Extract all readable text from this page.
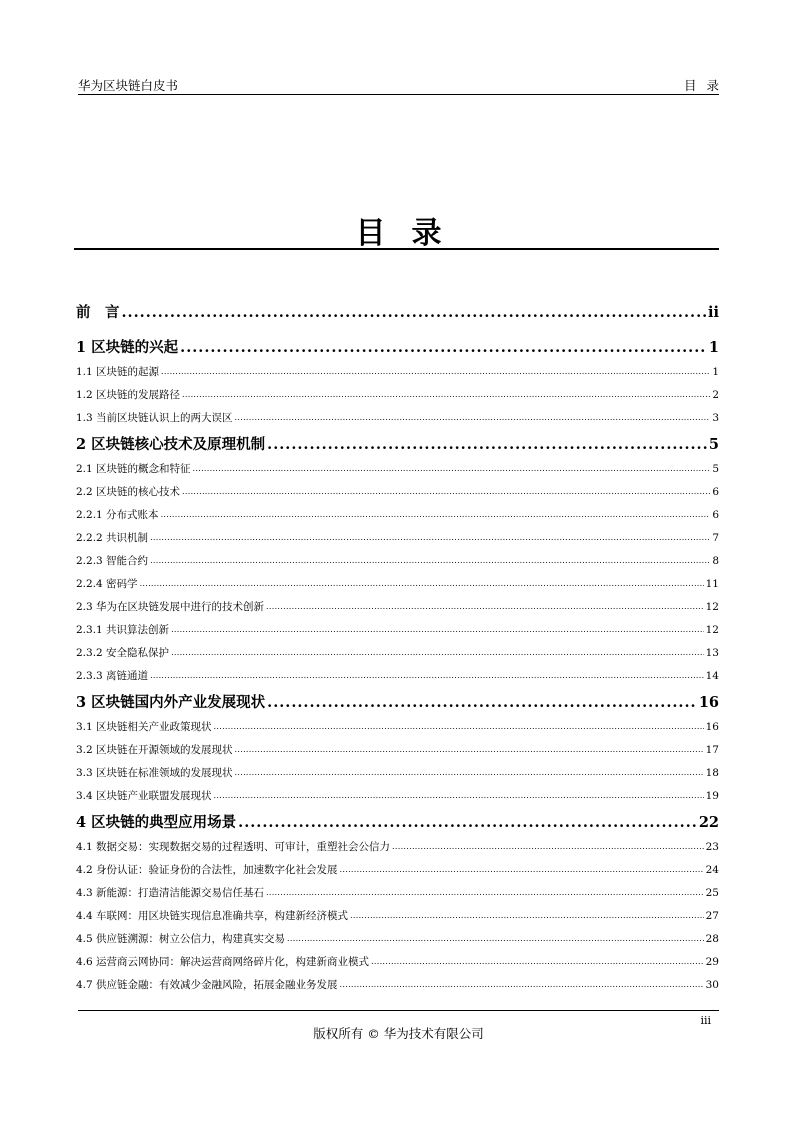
华为区块链白皮书	目录
目录
前　言 .....	ii
1 区块链的兴起 .....	1
1.1 区块链的起源 .....	1
1.2 区块链的发展路径 .....	2
1.3 当前区块链认识上的两大误区 .....	3
2 区块链核心技术及原理机制 .....	5
2.1 区块链的概念和特征 .....	5
2.2 区块链的核心技术 .....	6
2.2.1 分布式账本 .....	6
2.2.2 共识机制 .....	7
2.2.3 智能合约 .....	8
2.2.4 密码学 .....	11
2.3 华为在区块链发展中进行的技术创新 .....	12
2.3.1 共识算法创新 .....	12
2.3.2 安全隐私保护 .....	13
2.3.3 离链通道 .....	14
3 区块链国内外产业发展现状 .....	16
3.1 区块链相关产业政策现状 .....	16
3.2 区块链在开源领域的发展现状 .....	17
3.3 区块链在标准领域的发展现状 .....	18
3.4 区块链产业联盟发展现状 .....	19
4 区块链的典型应用场景 .....	22
4.1 数据交易：实现数据交易的过程透明、可审计，重塑社会公信力 .....	23
4.2 身份认证：验证身份的合法性，加速数字化社会发展 .....	24
4.3 新能源：打造清洁能源交易信任基石 .....	25
4.4 车联网：用区块链实现信息准确共享，构建新经济模式 .....	27
4.5 供应链溯源：树立公信力，构建真实交易 .....	28
4.6 运营商云网协同：解决运营商网络碎片化，构建新商业模式 .....	29
4.7 供应链金融：有效减少金融风险，拓展金融业务发展 .....	30
iii
版权所有 © 华为技术有限公司
